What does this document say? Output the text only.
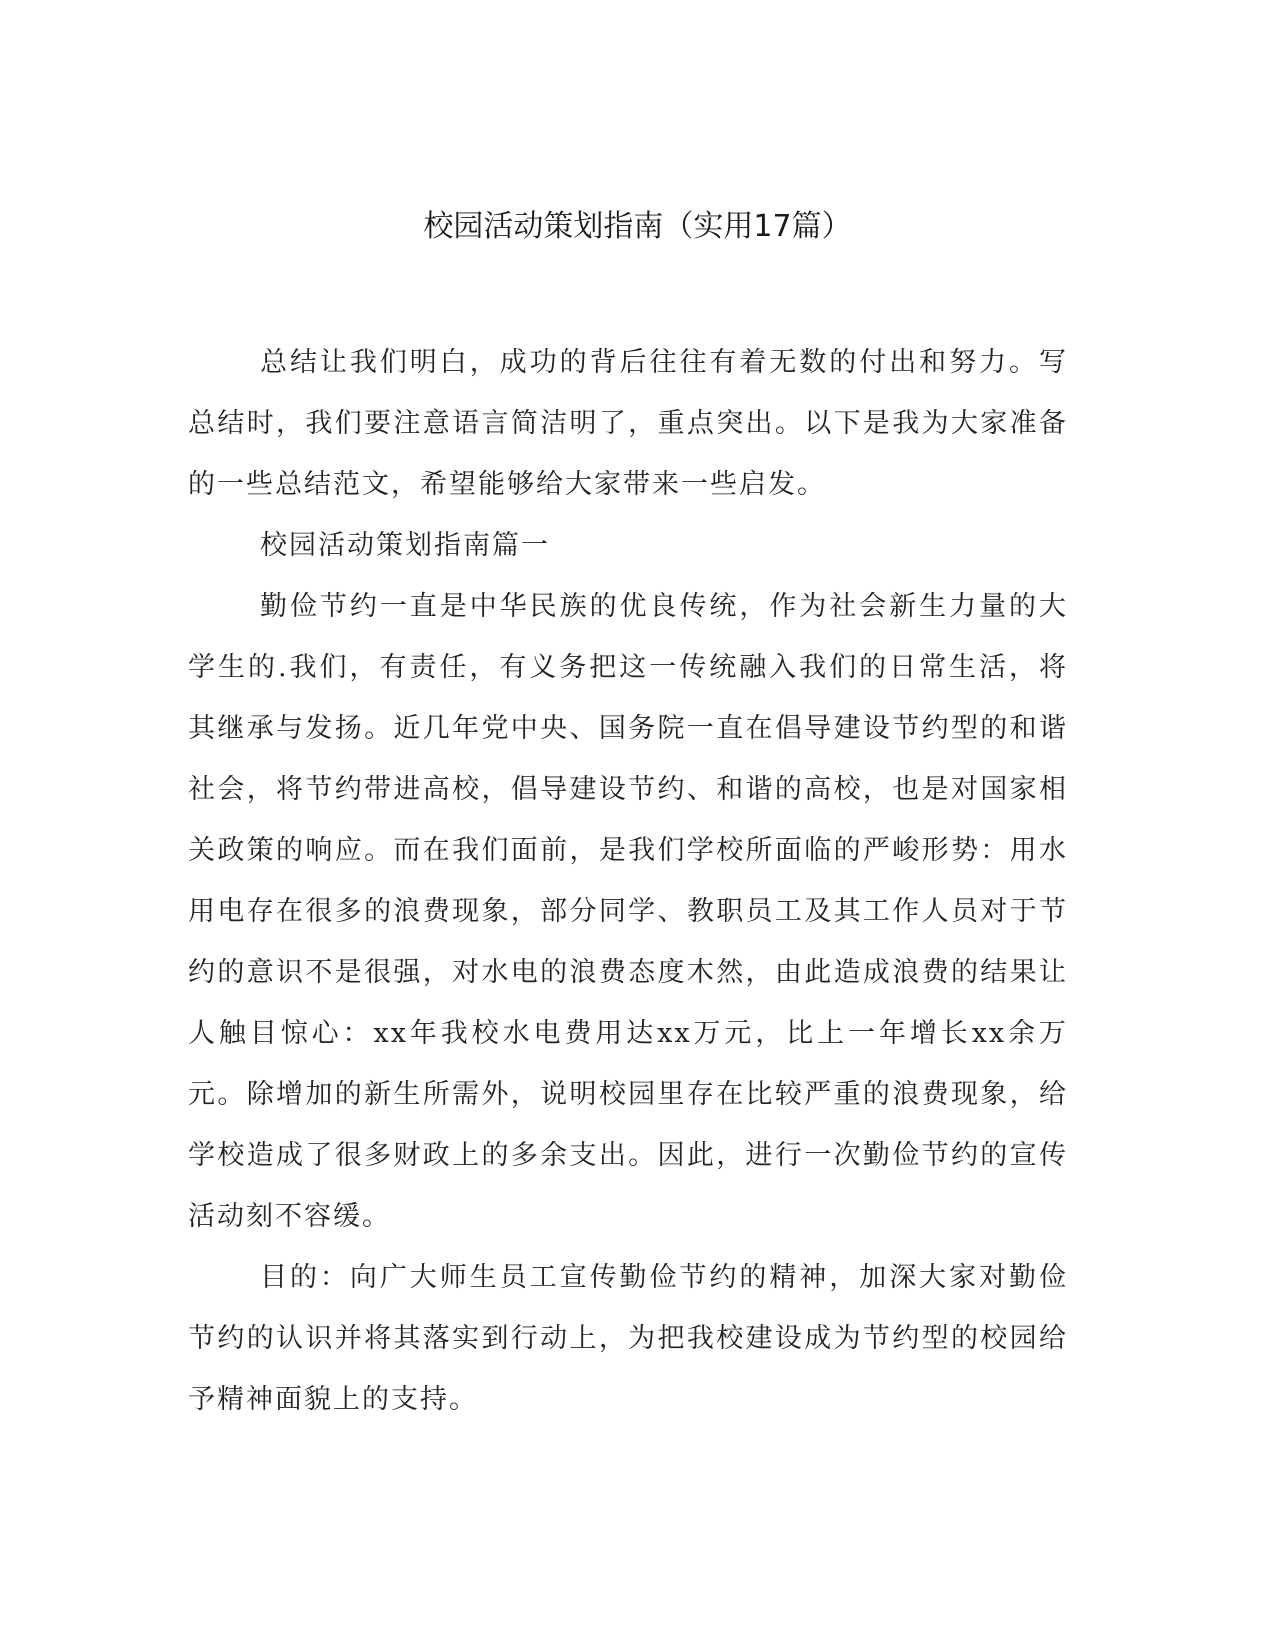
校园活动策划指南（实用17篇）

总结让我们明白，成功的背后往往有着无数的付出和努力。写总结时，我们要注意语言简洁明了，重点突出。以下是我为大家准备的一些总结范文，希望能够给大家带来一些启发。

校园活动策划指南篇一

勤俭节约一直是中华民族的优良传统，作为社会新生力量的大学生的.我们，有责任，有义务把这一传统融入我们的日常生活，将其继承与发扬。近几年党中央、国务院一直在倡导建设节约型的和谐社会，将节约带进高校，倡导建设节约、和谐的高校，也是对国家相关政策的响应。而在我们面前，是我们学校所面临的严峻形势：用水用电存在很多的浪费现象，部分同学、教职员工及其工作人员对于节约的意识不是很强，对水电的浪费态度木然，由此造成浪费的结果让人触目惊心：xx年我校水电费用达xx万元，比上一年增长xx余万元。除增加的新生所需外，说明校园里存在比较严重的浪费现象，给学校造成了很多财政上的多余支出。因此，进行一次勤俭节约的宣传活动刻不容缓。

目的：向广大师生员工宣传勤俭节约的精神，加深大家对勤俭节约的认识并将其落实到行动上，为把我校建设成为节约型的校园给予精神面貌上的支持。
